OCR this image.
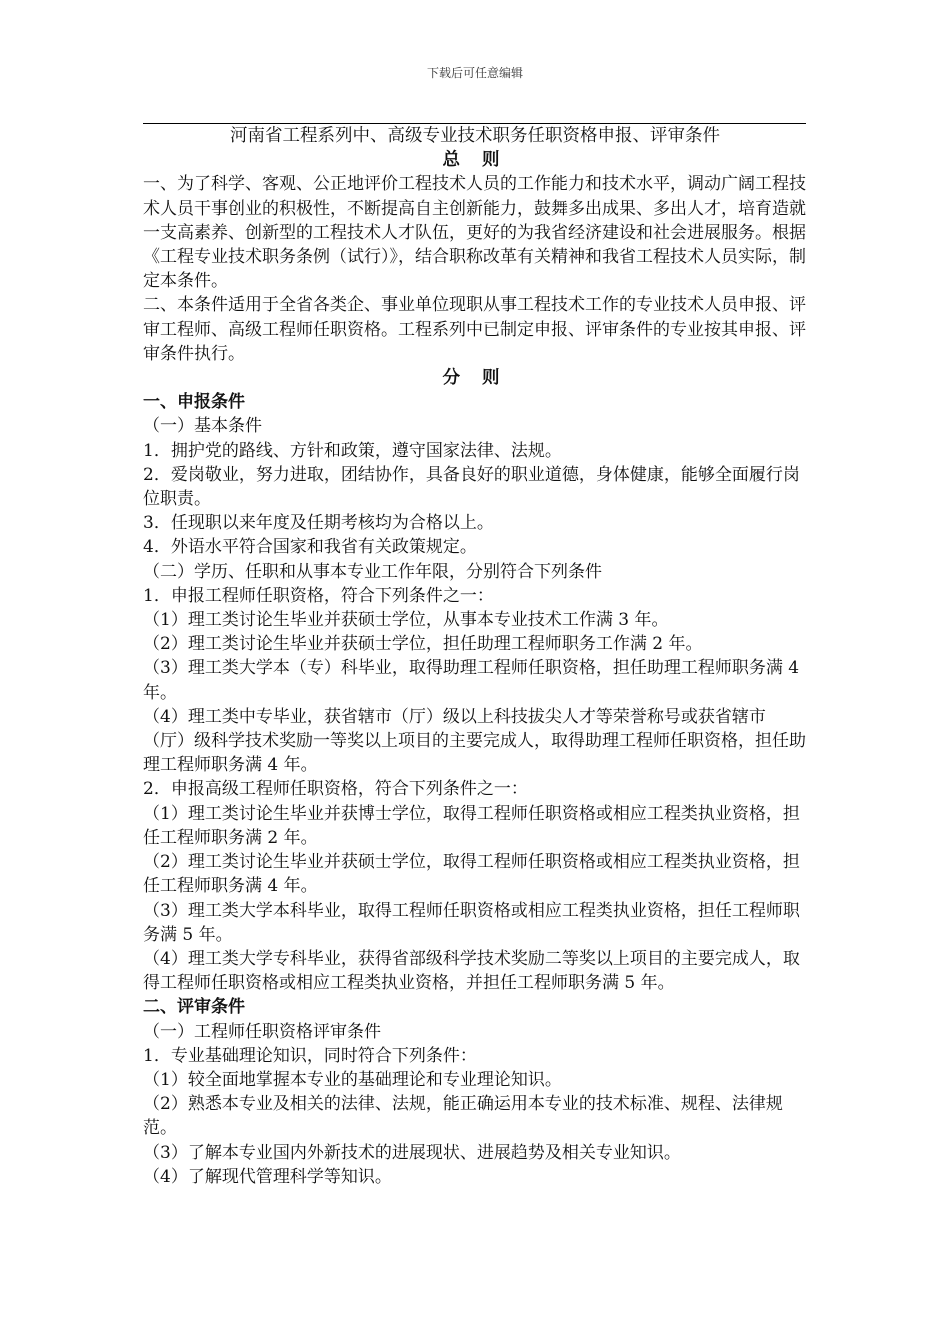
下载后可任意编辑

河南省工程系列中、高级专业技术职务任职资格申报、评审条件

总 则

一、为了科学、客观、公正地评价工程技术人员的工作能力和技术水平，调动广阔工程技术人员干事创业的积极性，不断提高自主创新能力，鼓舞多出成果、多出人才，培育造就一支高素养、创新型的工程技术人才队伍，更好的为我省经济建设和社会进展服务。根据《工程专业技术职务条例（试行）》，结合职称改革有关精神和我省工程技术人员实际，制定本条件。

二、本条件适用于全省各类企、事业单位现职从事工程技术工作的专业技术人员申报、评审工程师、高级工程师任职资格。工程系列中已制定申报、评审条件的专业按其申报、评审条件执行。

分 则

一、申报条件

（一）基本条件

1．拥护党的路线、方针和政策，遵守国家法律、法规。

2．爱岗敬业，努力进取，团结协作，具备良好的职业道德，身体健康，能够全面履行岗位职责。

3．任现职以来年度及任期考核均为合格以上。

4．外语水平符合国家和我省有关政策规定。

（二）学历、任职和从事本专业工作年限，分别符合下列条件

1．申报工程师任职资格，符合下列条件之一：

（1）理工类讨论生毕业并获硕士学位，从事本专业技术工作满 3 年。

（2）理工类讨论生毕业并获硕士学位，担任助理工程师职务工作满 2 年。

（3）理工类大学本（专）科毕业，取得助理工程师任职资格，担任助理工程师职务满 4 年。

（4）理工类中专毕业，获省辖市（厅）级以上科技拔尖人才等荣誉称号或获省辖市（厅）级科学技术奖励一等奖以上项目的主要完成人，取得助理工程师任职资格，担任助理工程师职务满 4 年。

2．申报高级工程师任职资格，符合下列条件之一：

（1）理工类讨论生毕业并获博士学位，取得工程师任职资格或相应工程类执业资格，担任工程师职务满 2 年。

（2）理工类讨论生毕业并获硕士学位，取得工程师任职资格或相应工程类执业资格，担任工程师职务满 4 年。

（3）理工类大学本科毕业，取得工程师任职资格或相应工程类执业资格，担任工程师职务满 5 年。

（4）理工类大学专科毕业，获得省部级科学技术奖励二等奖以上项目的主要完成人，取得工程师任职资格或相应工程类执业资格，并担任工程师职务满 5 年。

二、评审条件

（一）工程师任职资格评审条件

1．专业基础理论知识，同时符合下列条件：

（1）较全面地掌握本专业的基础理论和专业理论知识。

（2）熟悉本专业及相关的法律、法规，能正确运用本专业的技术标准、规程、法律规范。

（3）了解本专业国内外新技术的进展现状、进展趋势及相关专业知识。

（4）了解现代管理科学等知识。
